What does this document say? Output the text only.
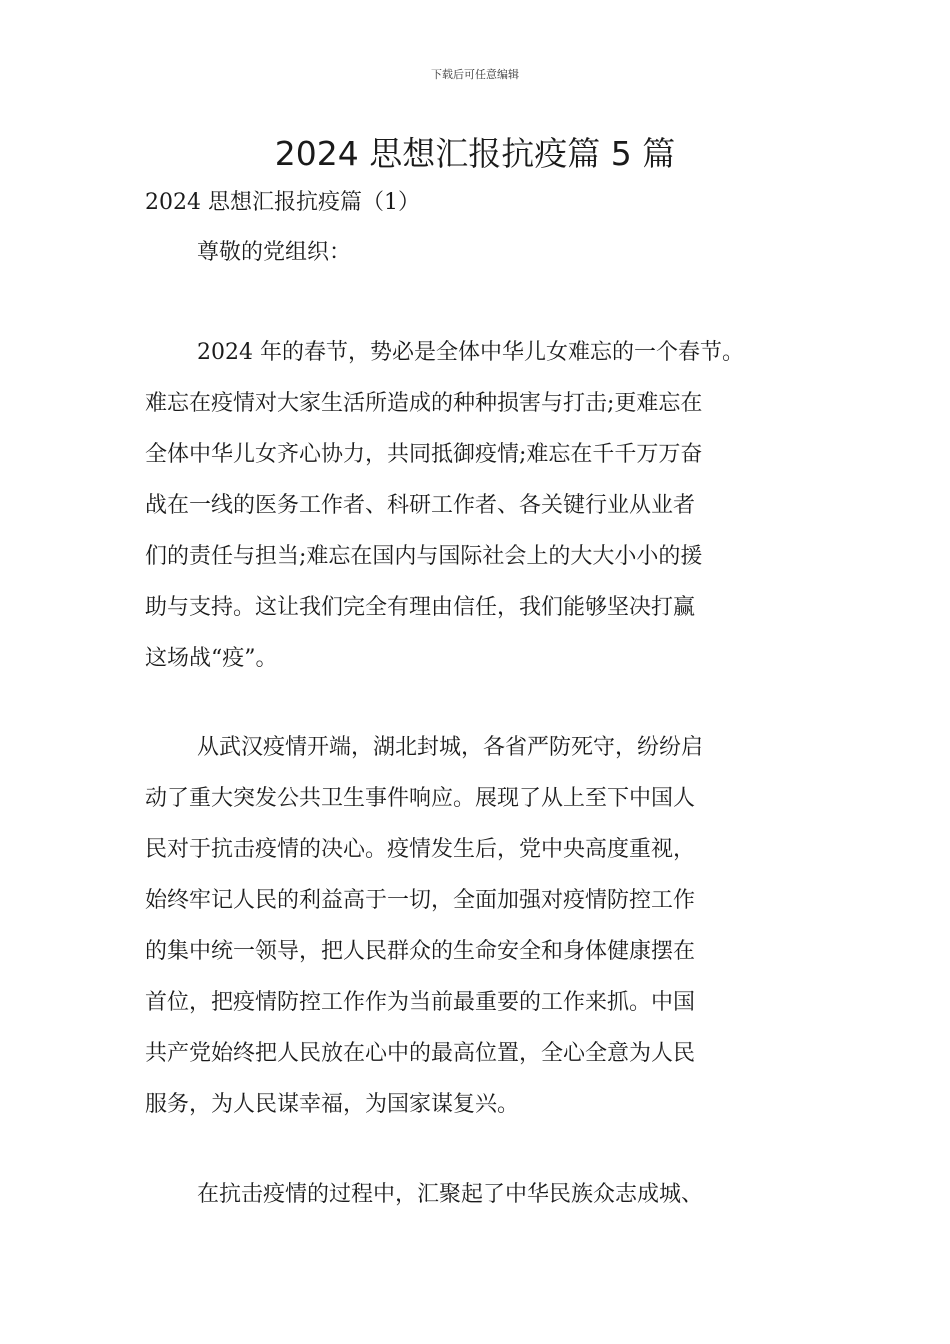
下载后可任意编辑
2024 思想汇报抗疫篇 5 篇

2024 思想汇报抗疫篇（1）

尊敬的党组织：

2024 年的春节，势必是全体中华儿女难忘的一个春节。
难忘在疫情对大家生活所造成的种种损害与打击;更难忘在
全体中华儿女齐心协力，共同抵御疫情;难忘在千千万万奋
战在一线的医务工作者、科研工作者、各关键行业从业者
们的责任与担当;难忘在国内与国际社会上的大大小小的援
助与支持。这让我们完全有理由信任，我们能够坚决打赢
这场战“疫”。
从武汉疫情开端，湖北封城，各省严防死守，纷纷启
动了重大突发公共卫生事件响应。展现了从上至下中国人
民对于抗击疫情的决心。疫情发生后，党中央高度重视，
始终牢记人民的利益高于一切，全面加强对疫情防控工作
的集中统一领导，把人民群众的生命安全和身体健康摆在
首位，把疫情防控工作作为当前最重要的工作来抓。中国
共产党始终把人民放在心中的最高位置，全心全意为人民
服务，为人民谋幸福，为国家谋复兴。
在抗击疫情的过程中，汇聚起了中华民族众志成城、
